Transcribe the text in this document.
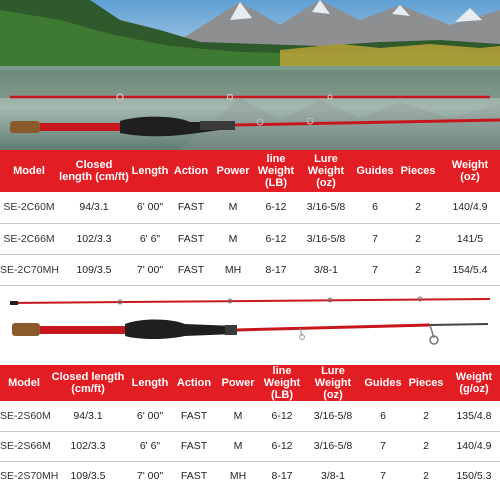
Model	Closed length (cm/ft)	Length	Action	Power	line Weight (LB)	Lure Weight (oz)	Guides	Pieces	Weight (oz)

SE-2C60M	94/3.1	6' 00"	FAST	M	6-12	3/16-5/8	6	2	140/4.9
SE-2C66M	102/3.3	6' 6"	FAST	M	6-12	3/16-5/8	7	2	141/5
SE-2C70MH	109/3.5	7' 00"	FAST	MH	8-17	3/8-1	7	2	154/5.4
Model	Closed length (cm/ft)	Length	Action	Power	line Weight (LB)	Lure Weight (oz)	Guides	Pieces	Weight (g/oz)
SE-2S60M	94/3.1	6' 00"	FAST	M	6-12	3/16-5/8	6	2	135/4.8
SE-2S66M	102/3.3	6' 6"	FAST	M	6-12	3/16-5/8	7	2	140/4.9
SE-2S70MH	109/3.5	7' 00"	FAST	MH	8-17	3/8-1	7	2	150/5.3
